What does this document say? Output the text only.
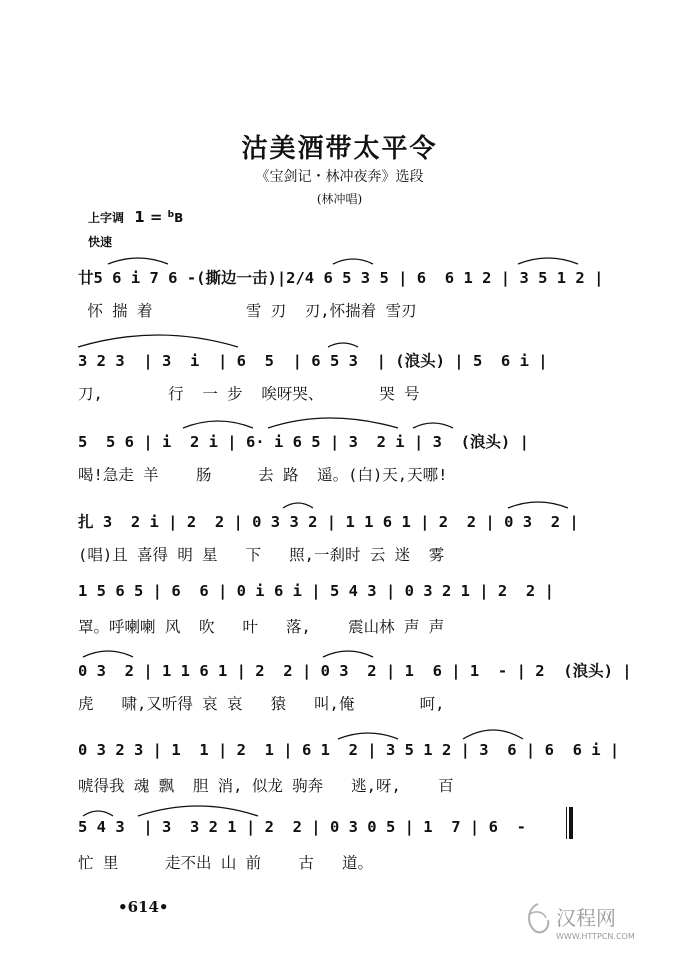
沽美酒带太平令
《宝剑记・林冲夜奔》选段
(林冲唱)
上字调 1 = $^b$B
快速
廿5 6 i 7 6 -(撕边一击)|2/4 6 5 3 5 | 6  6 1 2 | 3 5 1 2 |
怀 揣 着          雪 刃  刃,怀揣着 雪刃
3 2 3  | 3  i  | 6  5  | 6 5 3  | (浪头) | 5  6 i |
刀,       行  一 步  唉呀哭、      哭 号
5  5 6 | i  2 i | 6· i 6 5 | 3  2 i | 3  (浪头) |
喝!急走 羊    肠     去 路  遥。(白)天,天哪!
扎 3  2 i | 2  2 | 0 3 3 2 | 1 1 6 1 | 2  2 | 0 3  2 |
(唱)且 喜得 明 星   下   照,一刹时 云 迷  雾
1 5 6 5 | 6  6 | 0 i 6 i | 5 4 3 | 0 3 2 1 | 2  2 |
罩。呼喇喇 风  吹   叶   落,    震山林 声 声
0 3  2 | 1 1 6 1 | 2  2 | 0 3  2 | 1  6 | 1  - | 2  (浪头) |
虎   啸,又听得 哀 哀   猿   叫,俺       呵,
0 3 2 3 | 1  1 | 2  1 | 6 1  2 | 3 5 1 2 | 3  6 | 6  6 i |
唬得我 魂 飘  胆 消, 似龙 驹奔   逃,呀,    百
5 4 3  | 3  3 2 1 | 2  2 | 0 3 0 5 | 1  7 | 6  -
忙 里     走不出 山 前    古   道。
•614•	汉程网
WWW.HTTPCN.COM
